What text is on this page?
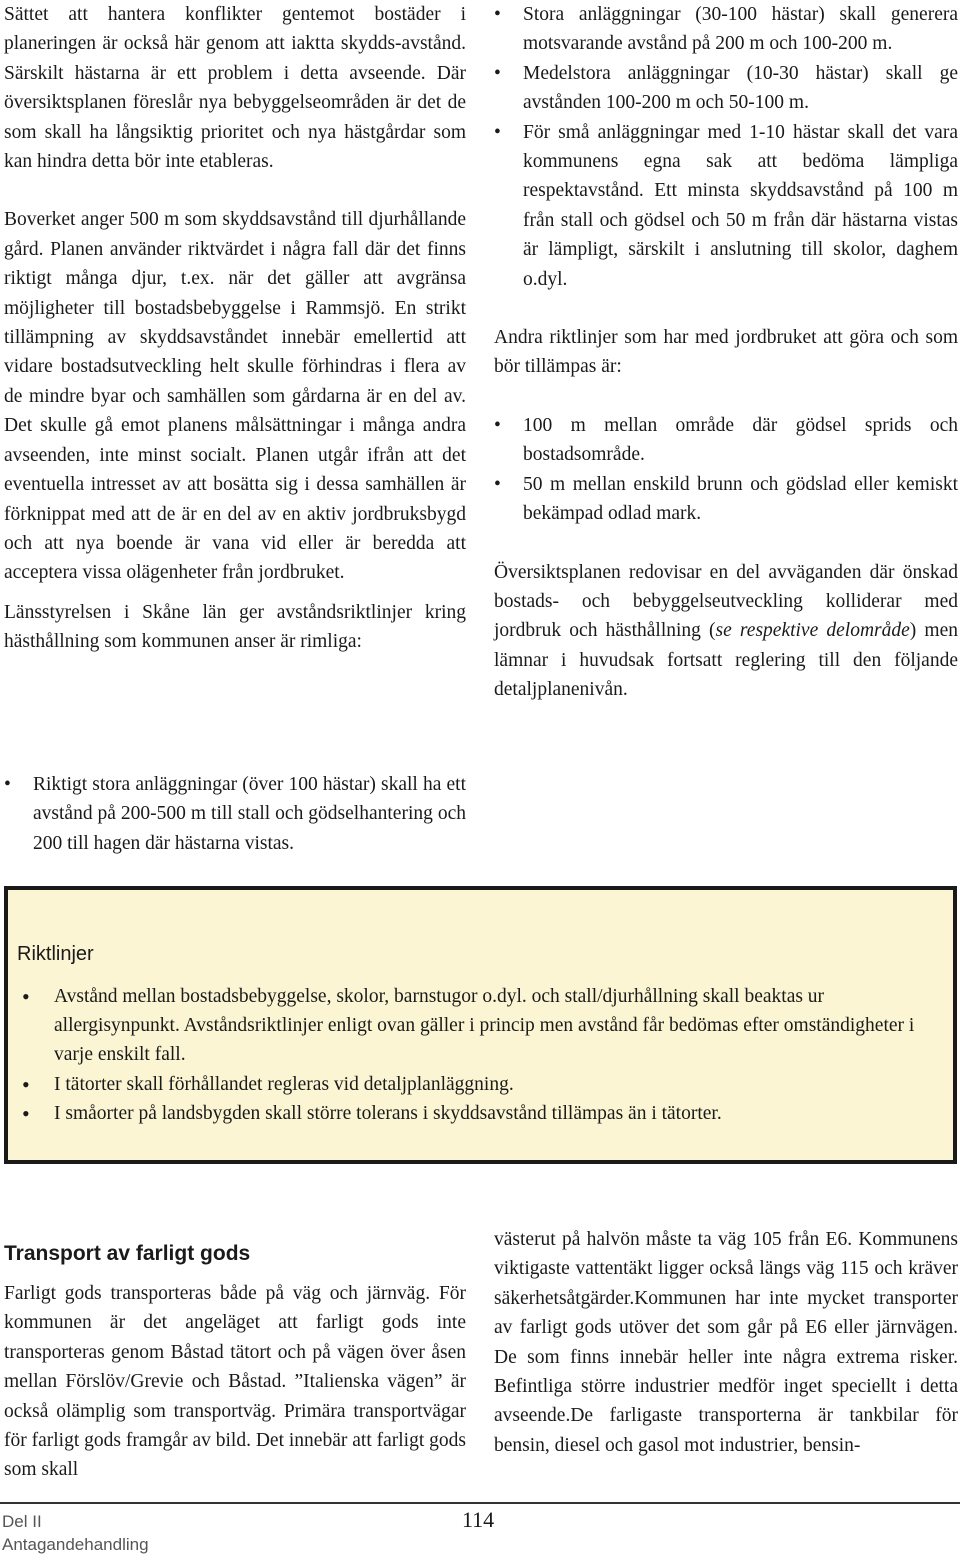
Sättet att hantera konflikter gentemot bostäder i planeringen är också här genom att iaktta skydds-avstånd. Särskilt hästarna är ett problem i detta avseende. Där översiktsplanen föreslår nya bebyggelseområden är det de som skall ha långsiktig prioritet och nya hästgårdar som kan hindra detta bör inte etableras.

Boverket anger 500 m som skyddsavstånd till djurhållande gård. Planen använder riktvärdet i några fall där det finns riktigt många djur, t.ex. när det gäller att avgränsa möjligheter till bostadsbebyggelse i Rammsjö. En strikt tillämpning av skyddsavståndet innebär emellertid att vidare bostadsutveckling helt skulle förhindras i flera av de mindre byar och samhällen som gårdarna är en del av. Det skulle gå emot planens målsättningar i många andra avseenden, inte minst socialt. Planen utgår ifrån att det eventuella intresset av att bosätta sig i dessa samhällen är förknippat med att de är en del av en aktiv jordbruksbygd och att nya boende är vana vid eller är beredda att acceptera vissa olägenheter från jordbruket.

Länsstyrelsen i Skåne län ger avståndsriktlinjer kring hästhållning som kommunen anser är rimliga:

• Riktigt stora anläggningar (över 100 hästar) skall ha ett avstånd på 200-500 m till stall och gödselhantering och 200 till hagen där hästarna vistas.
• Stora anläggningar (30-100 hästar) skall generera motsvarande avstånd på 200 m och 100-200 m.
• Medelstora anläggningar (10-30 hästar) skall ge avstånden 100-200 m och 50-100 m.
• För små anläggningar med 1-10 hästar skall det vara kommunens egna sak att bedöma lämpliga respektavstånd. Ett minsta skyddsavstånd på 100 m från stall och gödsel och 50 m från där hästarna vistas är lämpligt, särskilt i anslutning till skolor, daghem o.dyl.

Andra riktlinjer som har med jordbruket att göra och som bör tillämpas är:

• 100 m mellan område där gödsel sprids och bostadsområde.
• 50 m mellan enskild brunn och gödslad eller kemiskt bekämpad odlad mark.

Översiktsplanen redovisar en del avväganden där önskad bostads- och bebyggelseutveckling kolliderar med jordbruk och hästhållning (se respektive delområde) men lämnar i huvudsak fortsatt reglering till den följande detaljplanenivån.

Riktlinjer
• Avstånd mellan bostadsbebyggelse, skolor, barnstugor o.dyl. och stall/djurhållning skall beaktas ur allergisynpunkt. Avståndsriktlinjer enligt ovan gäller i princip men avstånd får bedömas efter omständigheter i varje enskilt fall.
• I tätorter skall förhållandet regleras vid detaljplanläggning.
• I småorter på landsbygden skall större tolerans i skyddsavstånd tillämpas än i tätorter.
Transport av farligt gods

Farligt gods transporteras både på väg och järnväg. För kommunen är det angeläget att farligt gods inte transporteras genom Båstad tätort och på vägen över åsen mellan Förslöv/Grevie och Båstad. ”Italienska vägen” är också olämplig som transportväg. Primära transportvägar för farligt gods framgår av bild. Det innebär att farligt gods som skall

västerut på halvön måste ta väg 105 från E6. Kommunens viktigaste vattentäkt ligger också längs väg 115 och kräver säkerhetsåtgärder.Kommunen har inte mycket transporter av farligt gods utöver det som går på E6 eller järnvägen. De som finns innebär heller inte några extrema risker. Befintliga större industrier medför inget speciellt i detta avseende.De farligaste transporterna är tankbilar för bensin, diesel och gasol mot industrier, bensin-

Del II
Antagandehandling
114
